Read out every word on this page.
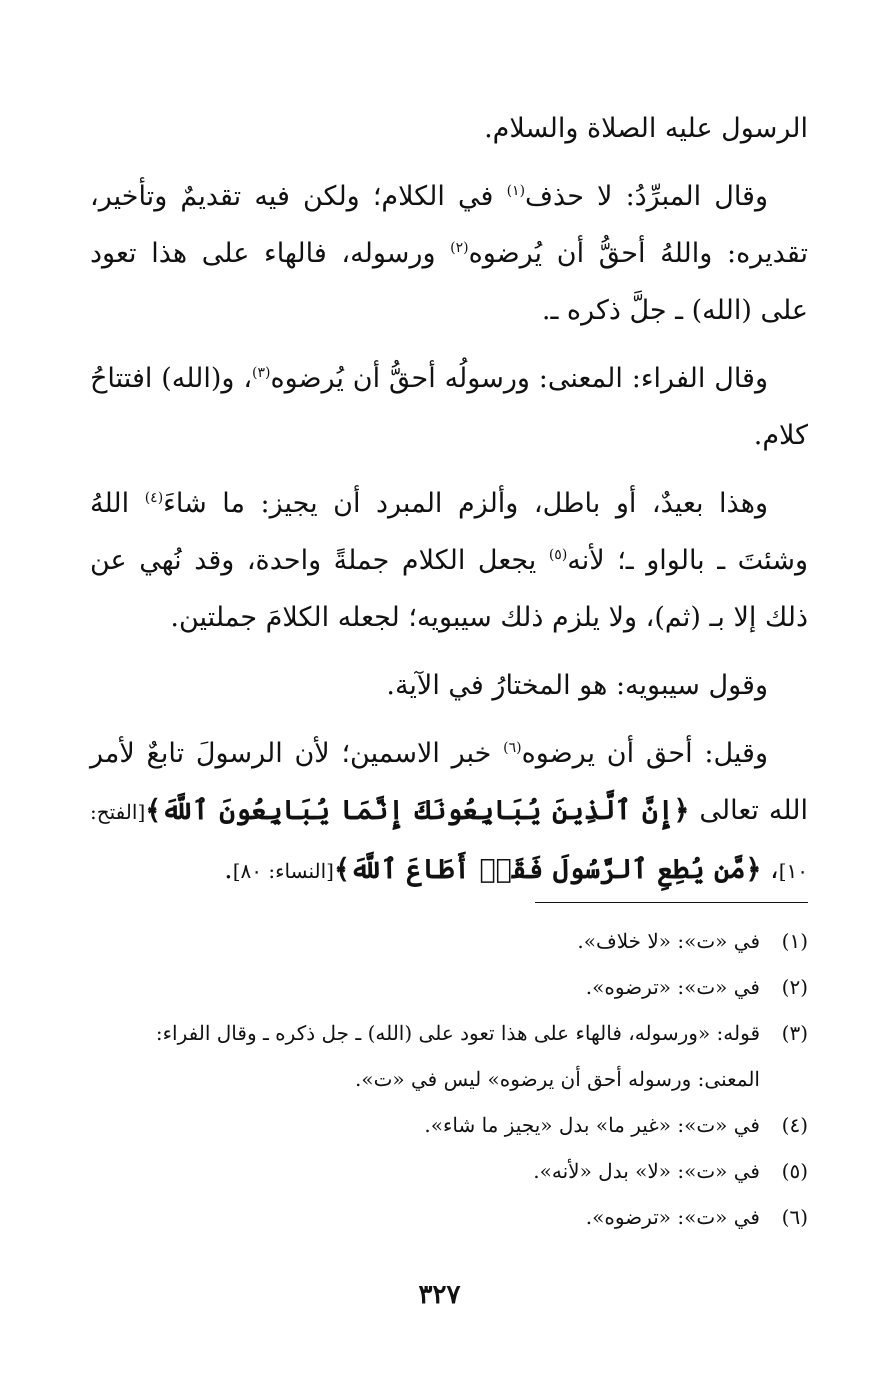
الرسول عليه الصلاة والسلام.

وقال المبرِّدُ: لا حذف$^{(١)}$ في الكلام؛ ولكن فيه تقديمٌ وتأخير، تقديره: واللهُ أحقُّ أن يُرضوه$^{(٢)}$ ورسوله، فالهاء على هذا تعود على (الله) ـ جلَّ ذكره ـ.

وقال الفراء: المعنى: ورسولُه أحقُّ أن يُرضوه$^{(٣)}$، و(الله) افتتاحُ كلام.

وهذا بعيدٌ، أو باطل، وألزم المبرد أن يجيز: ما شاءَ$^{(٤)}$ اللهُ وشئتَ ـ بالواو ـ؛ لأنه$^{(٥)}$ يجعل الكلام جملةً واحدة، وقد نُهي عن ذلك إلا بـ (ثم)، ولا يلزم ذلك سيبويه؛ لجعله الكلامَ جملتين.

وقول سيبويه: هو المختارُ في الآية.

وقيل: أحق أن يرضوه$^{(٦)}$ خبر الاسمين؛ لأن الرسولَ تابعٌ لأمر الله تعالى ﴿إِنَّ ٱلَّذِينَ يُبَايِعُونَكَ إِنَّمَا يُبَايِعُونَ ٱللَّهَ﴾[الفتح: ١٠]، ﴿مَّن يُطِعِ ٱلرَّسُولَ فَقَدۡ أَطَاعَ ٱللَّهَ﴾[النساء: ٨٠].

(١)
في «ت»: «لا خلاف».
(٢)
في «ت»: «ترضوه».
(٣)
قوله: «ورسوله، فالهاء على هذا تعود على (الله) ـ جل ذكره ـ وقال الفراء: المعنى: ورسوله أحق أن يرضوه» ليس في «ت».
(٤)
في «ت»: «غير ما» بدل «يجيز ما شاء».
(٥)
في «ت»: «لا» بدل «لأنه».
(٦)
في «ت»: «ترضوه».
٣٢٧
